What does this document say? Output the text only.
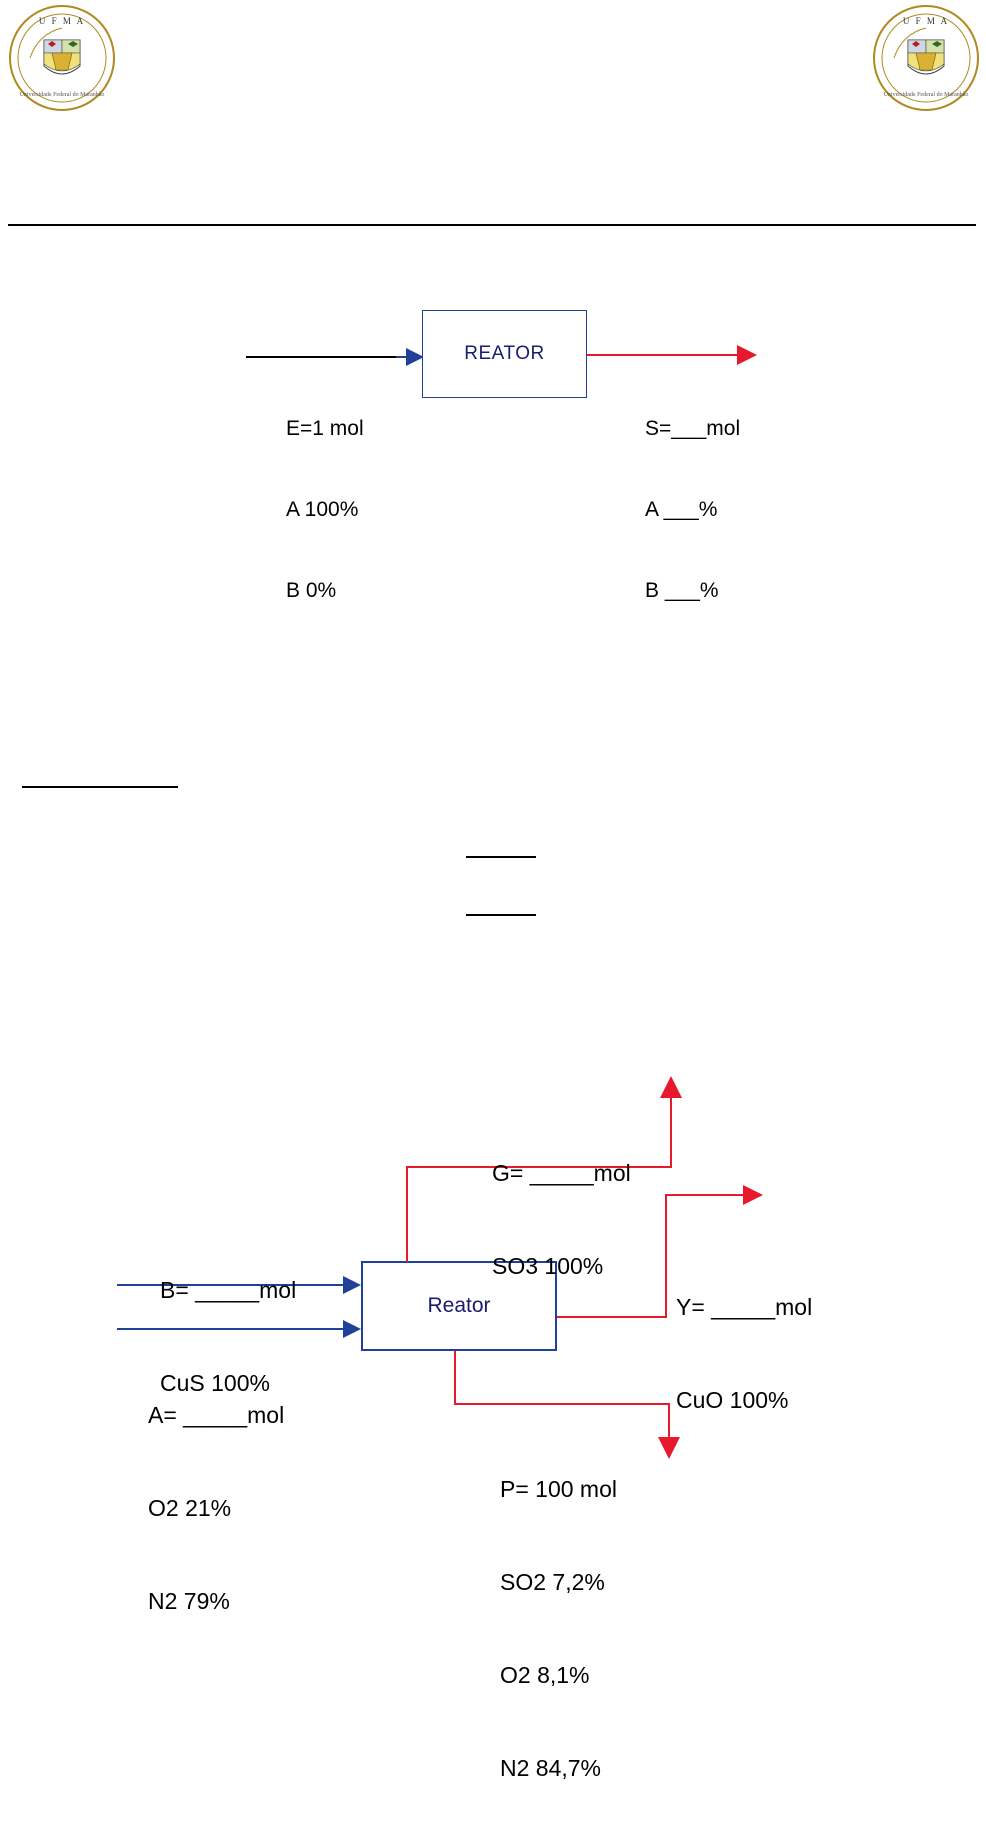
U F M A
Universidade Federal do Maranhão
U F M A
Universidade Federal do Maranhão
REATOR

E=1 mol

A 100%

B 0%

S=___mol

A ___%

B ___%

Reator

G= _____mol

SO3 100%

Y= _____mol

CuO 100%

B= _____mol

CuS 100%

A= _____mol

O2 21%

N2 79%

P= 100 mol

SO2 7,2%

O2 8,1%

N2 84,7%
